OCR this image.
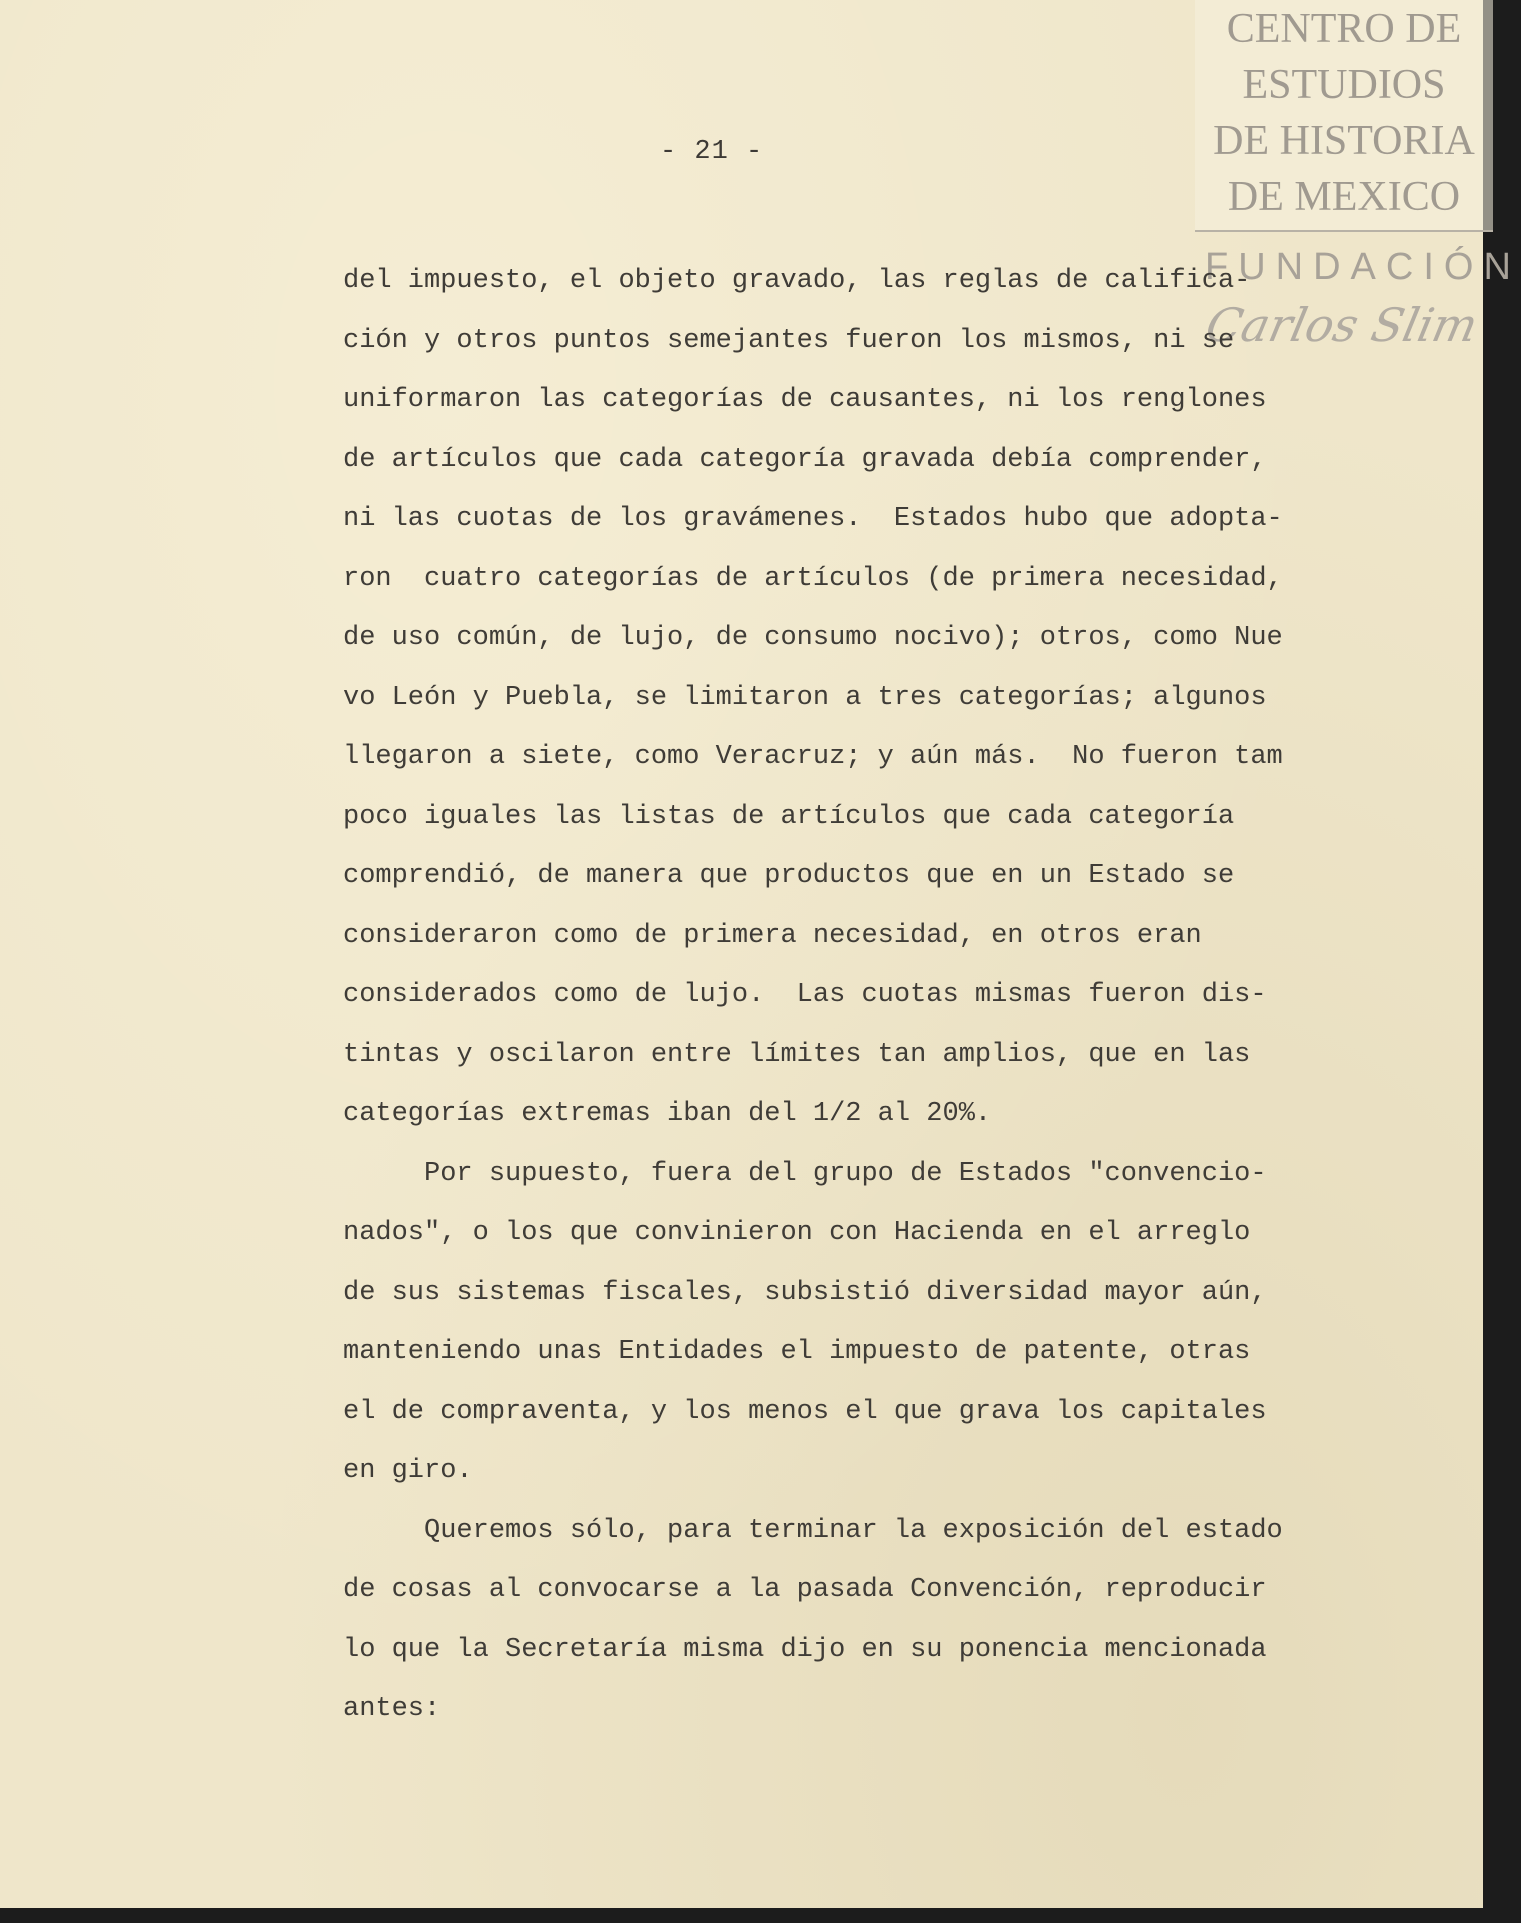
CENTRO DE
ESTUDIOS
DE HISTORIA
DE MEXICO
FUNDACIÓN
Carlos Slim
- 21 -
del impuesto, el objeto gravado, las reglas de califica-
ción y otros puntos semejantes fueron los mismos, ni se
uniformaron las categorías de causantes, ni los renglones
de artículos que cada categoría gravada debía comprender,
ni las cuotas de los gravámenes.  Estados hubo que adopta-
ron  cuatro categorías de artículos (de primera necesidad,
de uso común, de lujo, de consumo nocivo); otros, como Nue
vo León y Puebla, se limitaron a tres categorías; algunos
llegaron a siete, como Veracruz; y aún más.  No fueron tam
poco iguales las listas de artículos que cada categoría
comprendió, de manera que productos que en un Estado se
consideraron como de primera necesidad, en otros eran
considerados como de lujo.  Las cuotas mismas fueron dis-
tintas y oscilaron entre límites tan amplios, que en las
categorías extremas iban del 1/2 al 20%.
Por supuesto, fuera del grupo de Estados "convencio-
nados", o los que convinieron con Hacienda en el arreglo
de sus sistemas fiscales, subsistió diversidad mayor aún,
manteniendo unas Entidades el impuesto de patente, otras
el de compraventa, y los menos el que grava los capitales
en giro.
Queremos sólo, para terminar la exposición del estado
de cosas al convocarse a la pasada Convención, reproducir
lo que la Secretaría misma dijo en su ponencia mencionada
antes:
